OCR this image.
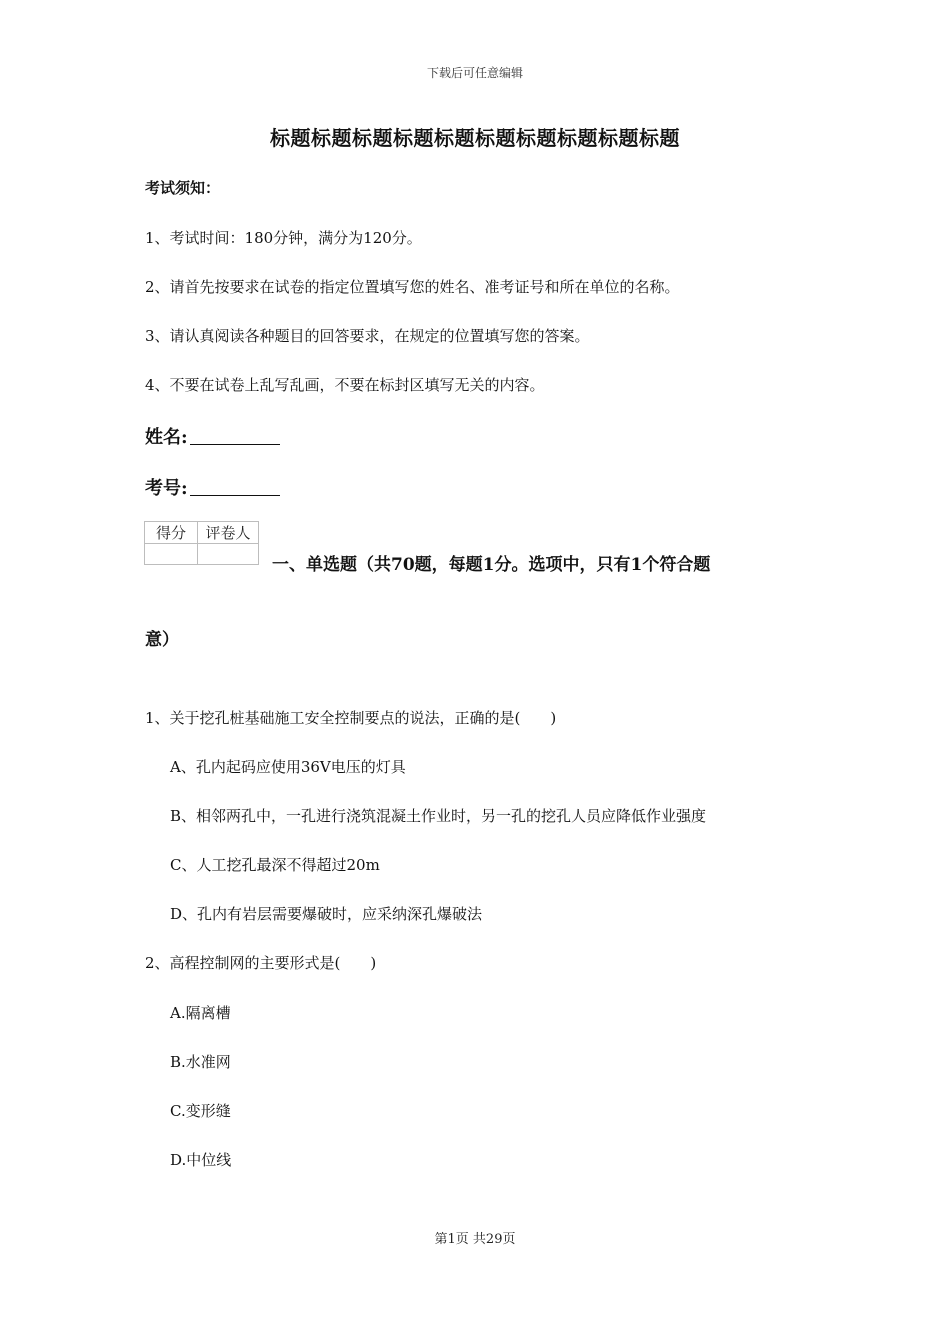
下载后可任意编辑
标题标题标题标题标题标题标题标题标题标题
考试须知：
1、考试时间：180分钟，满分为120分。
2、请首先按要求在试卷的指定位置填写您的姓名、准考证号和所在单位的名称。
3、请认真阅读各种题目的回答要求，在规定的位置填写您的答案。
4、不要在试卷上乱写乱画，不要在标封区填写无关的内容。
姓名:
考号:
得分	评卷人

一、单选题（共70题，每题1分。选项中，只有1个符合题
意）
1、关于挖孔桩基础施工安全控制要点的说法，正确的是(　　)
A、孔内起码应使用36V电压的灯具
B、相邻两孔中，一孔进行浇筑混凝土作业时，另一孔的挖孔人员应降低作业强度
C、人工挖孔最深不得超过20m
D、孔内有岩层需要爆破时，应采纳深孔爆破法
2、高程控制网的主要形式是(　　)
A.隔离槽
B.水准网
C.变形缝
D.中位线
第1页 共29页
